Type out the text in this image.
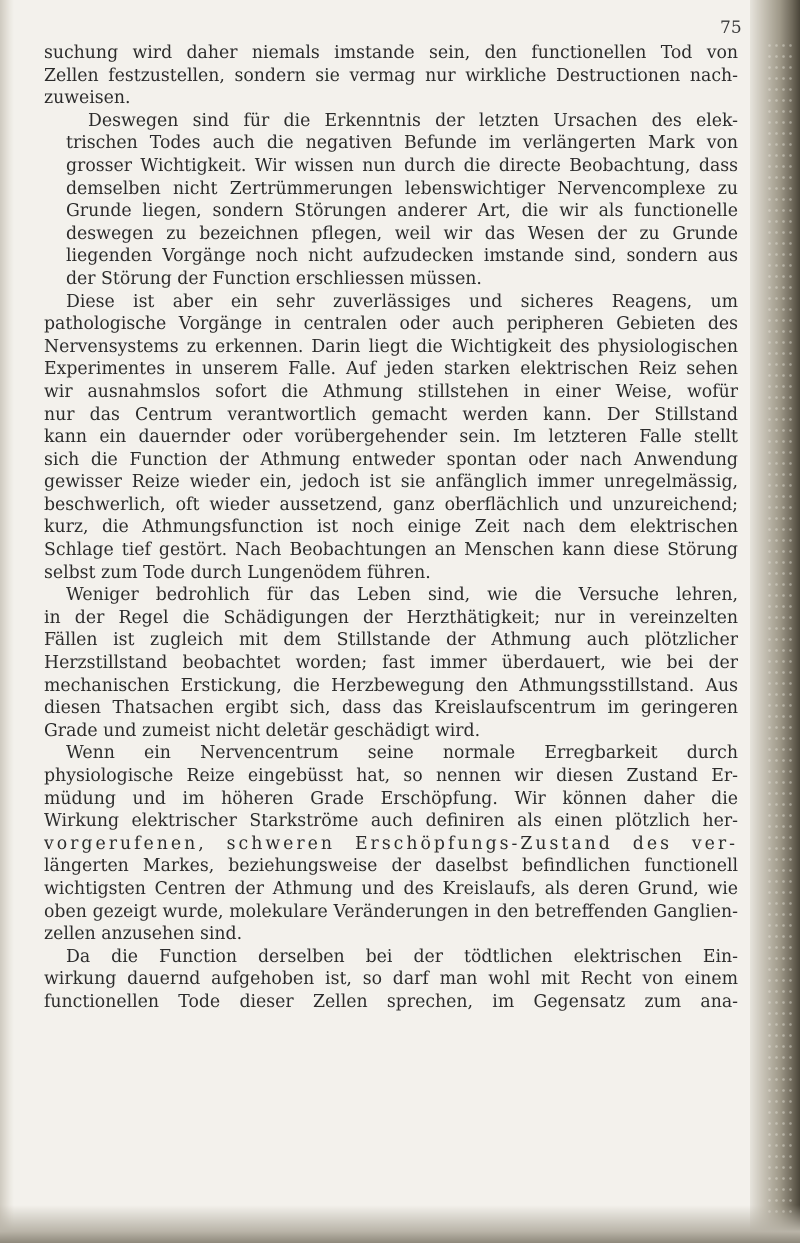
75

suchung wird daher niemals imstande sein, den functionellen Tod von
Zellen festzustellen, sondern sie vermag nur wirkliche Destructionen nach-
zuweisen.

Deswegen sind für die Erkenntnis der letzten Ursachen des elek-
trischen Todes auch die negativen Befunde im verlängerten Mark von
grosser Wichtigkeit. Wir wissen nun durch die directe Beobachtung, dass
demselben nicht Zertrümmerungen lebenswichtiger Nervencomplexe zu
Grunde liegen, sondern Störungen anderer Art, die wir als functionelle
deswegen zu bezeichnen pflegen, weil wir das Wesen der zu Grunde
liegenden Vorgänge noch nicht aufzudecken imstande sind, sondern aus
der Störung der Function erschliessen müssen.

Diese ist aber ein sehr zuverlässiges und sicheres Reagens, um
pathologische Vorgänge in centralen oder auch peripheren Gebieten des
Nervensystems zu erkennen. Darin liegt die Wichtigkeit des physiologischen
Experimentes in unserem Falle. Auf jeden starken elektrischen Reiz sehen
wir ausnahmslos sofort die Athmung stillstehen in einer Weise, wofür
nur das Centrum verantwortlich gemacht werden kann. Der Stillstand
kann ein dauernder oder vorübergehender sein. Im letzteren Falle stellt
sich die Function der Athmung entweder spontan oder nach Anwendung
gewisser Reize wieder ein, jedoch ist sie anfänglich immer unregelmässig,
beschwerlich, oft wieder aussetzend, ganz oberflächlich und unzureichend;
kurz, die Athmungsfunction ist noch einige Zeit nach dem elektrischen
Schlage tief gestört. Nach Beobachtungen an Menschen kann diese Störung
selbst zum Tode durch Lungenödem führen.

Weniger bedrohlich für das Leben sind, wie die Versuche lehren,
in der Regel die Schädigungen der Herzthätigkeit; nur in vereinzelten
Fällen ist zugleich mit dem Stillstande der Athmung auch plötzlicher
Herzstillstand beobachtet worden; fast immer überdauert, wie bei der
mechanischen Erstickung, die Herzbewegung den Athmungsstillstand. Aus
diesen Thatsachen ergibt sich, dass das Kreislaufscentrum im geringeren
Grade und zumeist nicht deletär geschädigt wird.

Wenn ein Nervencentrum seine normale Erregbarkeit durch
physiologische Reize eingebüsst hat, so nennen wir diesen Zustand Er-
müdung und im höheren Grade Erschöpfung. Wir können daher die
Wirkung elektrischer Starkströme auch definiren als einen plötzlich her-
vorgerufenen, schweren Erschöpfungs-Zustand des ver-
längerten Markes, beziehungsweise der daselbst befindlichen functionell
wichtigsten Centren der Athmung und des Kreislaufs, als deren Grund, wie
oben gezeigt wurde, molekulare Veränderungen in den betreffenden Ganglien-
zellen anzusehen sind.

Da die Function derselben bei der tödtlichen elektrischen Ein-
wirkung dauernd aufgehoben ist, so darf man wohl mit Recht von einem
functionellen Tode dieser Zellen sprechen, im Gegensatz zum ana-
